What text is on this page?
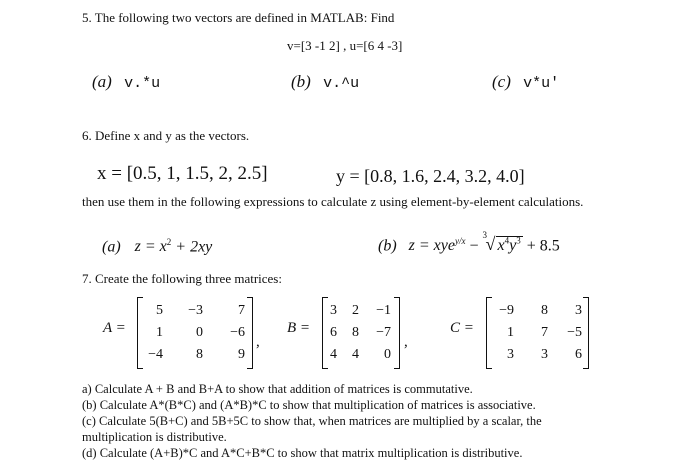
5. The following two vectors are defined in MATLAB: Find
v=[3 -1 2] , u=[6 4 -3]
(a) v.*u	(b) v.^u	(c) v*u′
6. Define x and y as the vectors.
x = [0.5, 1, 1.5, 2, 2.5]	y = [0.8, 1.6, 2.4, 3.2, 4.0]
then use them in the following expressions to calculate z using element-by-element calculations.
(a) $z = x^2 + 2xy$	(b) z = xye$^{y/x}$ −
3
√ $x^4y^3 + 8.5$
7. Create the following three matrices:
A =
5	−3	7
1	0	−6
−4	8	9
,
B =
3	2	−1
6	8	−7
4	4	0
,
C =
−9	8	3
1	7	−5
3	3	6
a) Calculate A + B and B+A to show that addition of matrices is commutative.
(b) Calculate A*(B*C) and (A*B)*C to show that multiplication of matrices is associative.
(c) Calculate 5(B+C) and 5B+5C to show that, when matrices are multiplied by a scalar, the
multiplication is distributive.
(d) Calculate (A+B)*C and A*C+B*C to show that matrix multiplication is distributive.
